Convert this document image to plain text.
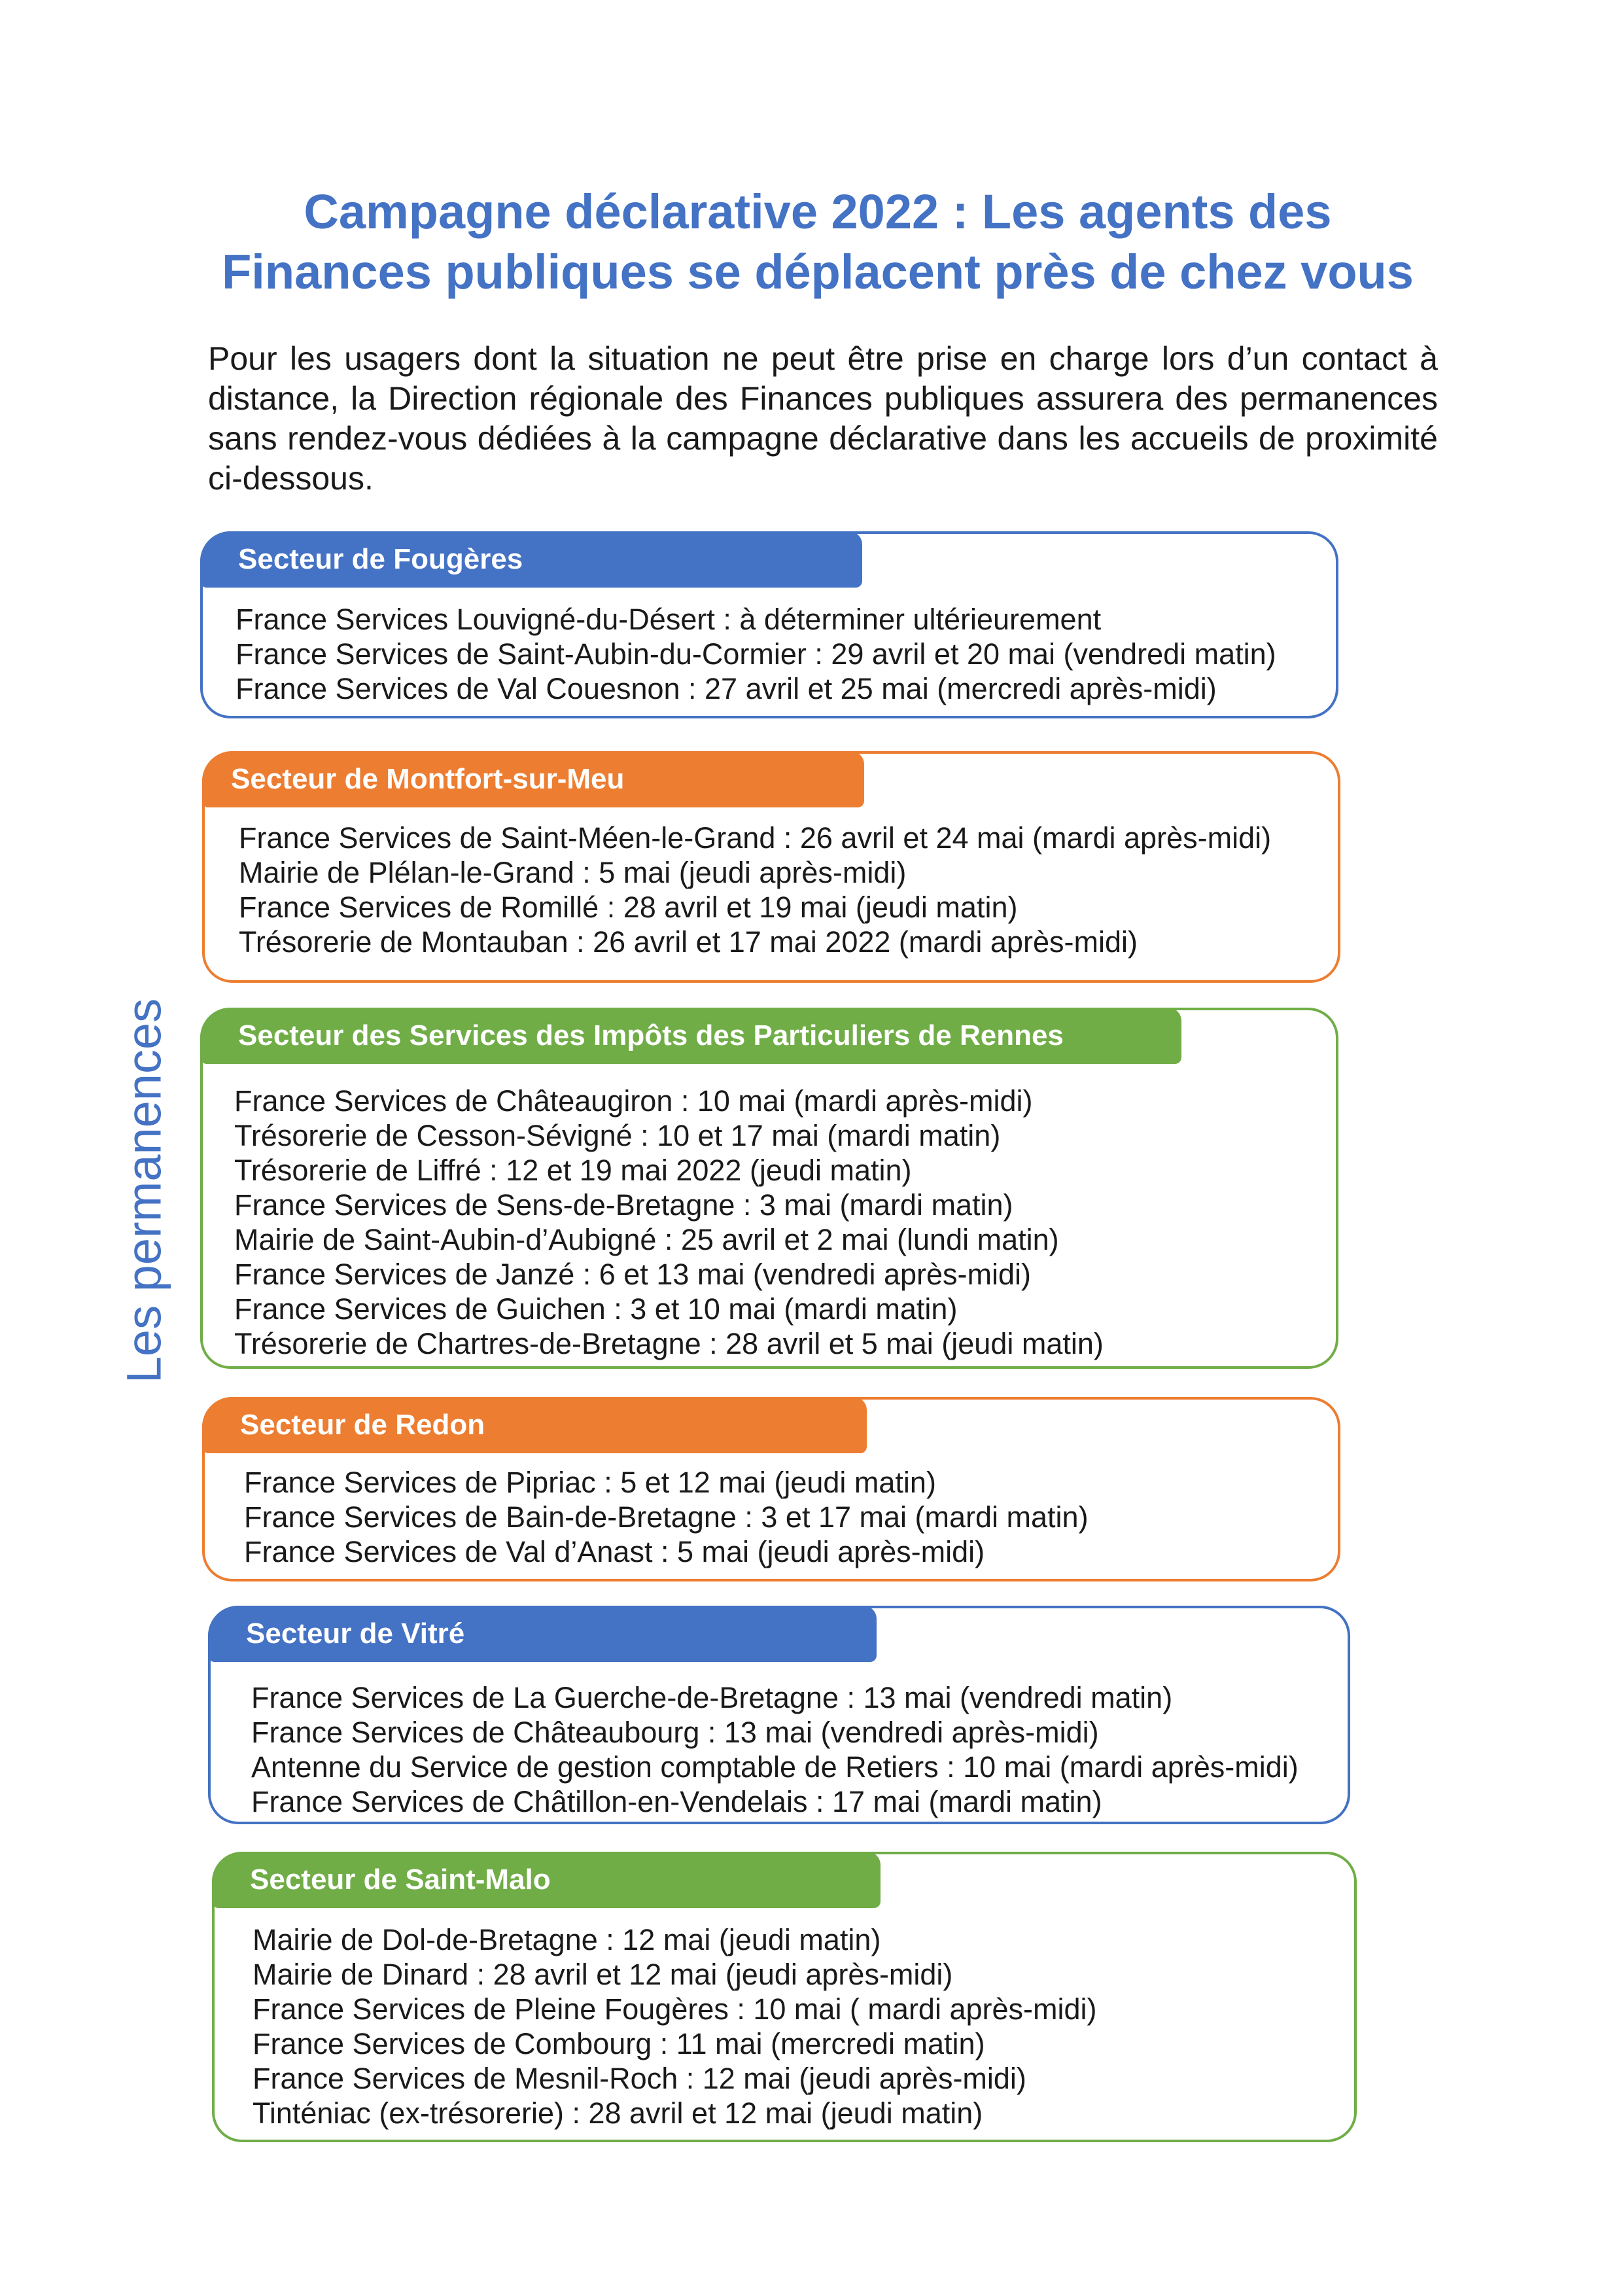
Campagne déclarative 2022 : Les agents des
Finances publiques se déplacent près de chez vous

Pour les usagers dont la situation ne peut être prise en charge lors d’un contact à distance, la Direction régionale des Finances publiques assurera des permanences sans rendez-vous dédiées à la campagne déclarative dans les accueils de proximité ci-dessous.

Les permanences
Secteur de Fougères
France Services Louvigné-du-Désert : à déterminer ultérieurement
France Services de Saint-Aubin-du-Cormier : 29 avril et 20 mai (vendredi matin)
France Services de Val Couesnon : 27 avril et 25 mai (mercredi après-midi)
Secteur de Montfort-sur-Meu
France Services de Saint-Méen-le-Grand : 26 avril et 24 mai (mardi après-midi)
Mairie de Plélan-le-Grand : 5 mai (jeudi après-midi)
France Services de Romillé : 28 avril et 19 mai (jeudi matin)
Trésorerie de Montauban : 26 avril et 17 mai 2022 (mardi après-midi)
Secteur des Services des Impôts des Particuliers de Rennes
France Services de Châteaugiron : 10 mai (mardi après-midi)
Trésorerie de Cesson-Sévigné : 10 et 17 mai (mardi matin)
Trésorerie de Liffré : 12 et 19 mai 2022 (jeudi matin)
France Services de Sens-de-Bretagne : 3 mai (mardi matin)
Mairie de Saint-Aubin-d’Aubigné : 25 avril et 2 mai (lundi matin)
France Services de Janzé : 6 et 13 mai (vendredi après-midi)
France Services de Guichen : 3 et 10 mai (mardi matin)
Trésorerie de Chartres-de-Bretagne : 28 avril et 5 mai (jeudi matin)
Secteur de Redon
France Services de Pipriac : 5 et 12 mai (jeudi matin)
France Services de Bain-de-Bretagne : 3 et 17 mai (mardi matin)
France Services de Val d’Anast : 5 mai (jeudi après-midi)
Secteur de Vitré
France Services de La Guerche-de-Bretagne : 13 mai (vendredi matin)
France Services de Châteaubourg : 13 mai (vendredi après-midi)
Antenne du Service de gestion comptable de Retiers : 10 mai (mardi après-midi)
France Services de Châtillon-en-Vendelais : 17 mai (mardi matin)
Secteur de Saint-Malo
Mairie de Dol-de-Bretagne : 12 mai (jeudi matin)
Mairie de Dinard : 28 avril et 12 mai (jeudi après-midi)
France Services de Pleine Fougères : 10 mai ( mardi après-midi)
France Services de Combourg : 11 mai (mercredi matin)
France Services de Mesnil-Roch : 12 mai (jeudi après-midi)
Tinténiac (ex-trésorerie) : 28 avril et 12 mai (jeudi matin)
